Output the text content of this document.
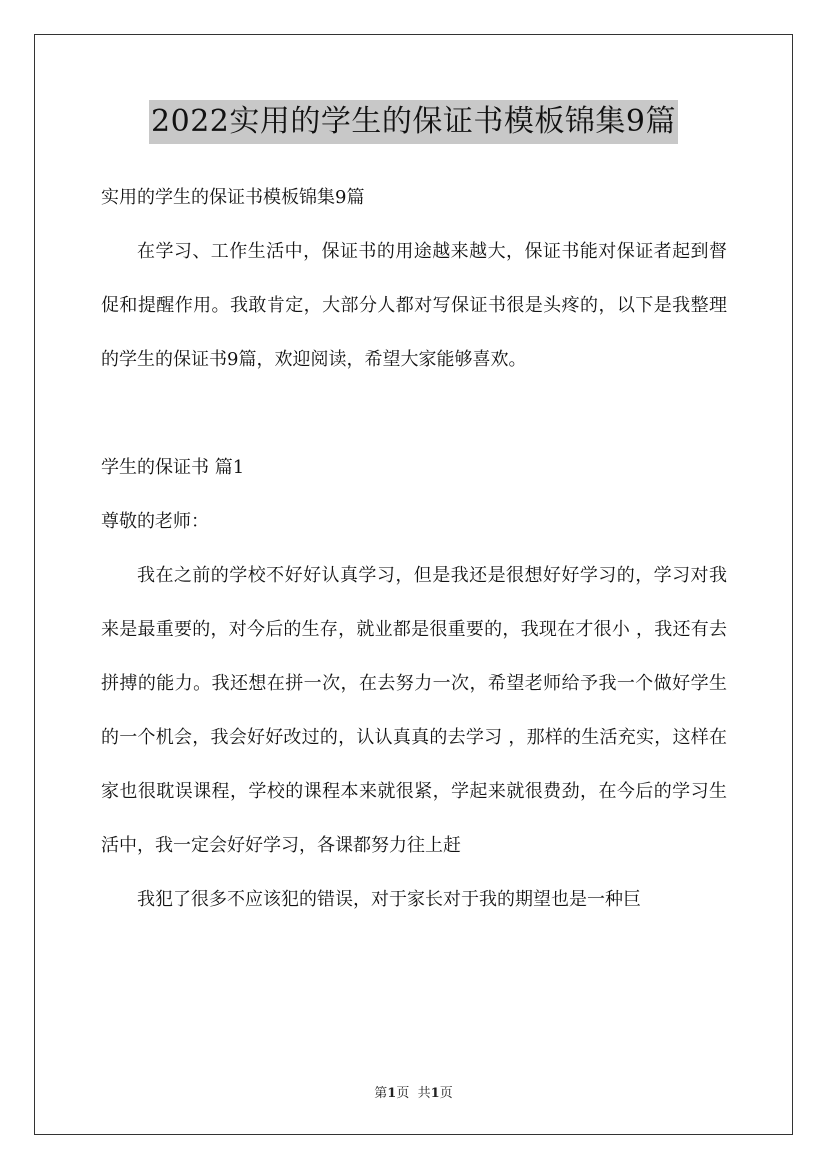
2022实用的学生的保证书模板锦集9篇

实用的学生的保证书模板锦集9篇

在学习、工作生活中，保证书的用途越来越大，保证书能对保证者起到督促和提醒作用。我敢肯定，大部分人都对写保证书很是头疼的，以下是我整理的学生的保证书9篇，欢迎阅读，希望大家能够喜欢。

学生的保证书 篇1

尊敬的老师：

我在之前的学校不好好认真学习，但是我还是很想好好学习的，学习对我来是最重要的，对今后的生存，就业都是很重要的，我现在才很小 ，我还有去拼搏的能力。我还想在拼一次，在去努力一次，希望老师给予我一个做好学生的一个机会，我会好好改过的，认认真真的去学习 ，那样的生活充实，这样在家也很耽误课程，学校的课程本来就很紧，学起来就很费劲，在今后的学习生活中，我一定会好好学习，各课都努力往上赶

我犯了很多不应该犯的错误，对于家长对于我的期望也是一种巨

第1页 共1页
